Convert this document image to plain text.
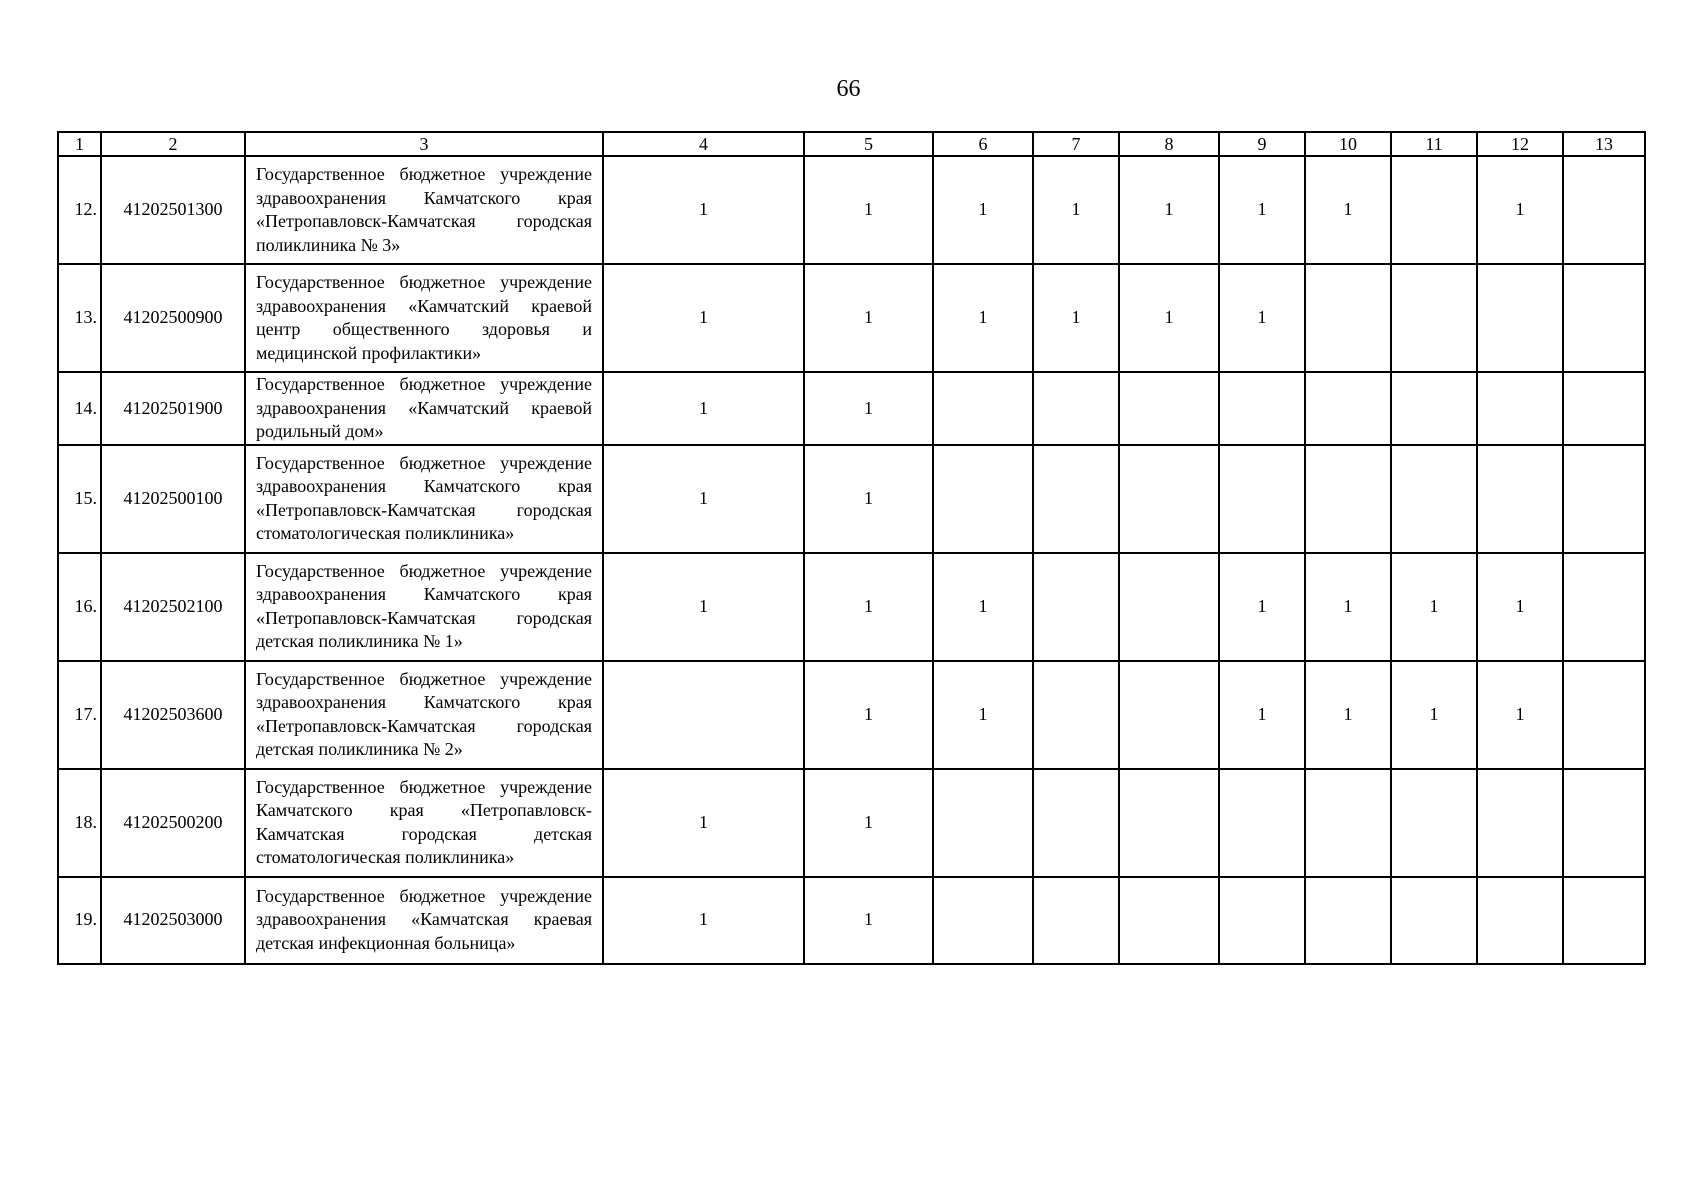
66
1	2	3	4	5	6	7	8	9	10	11	12	13
12.	41202501300	Государственное бюджетное учреждение здравоохранения Камчатского края «Петропавловск-Камчатская городская поликлиника № 3»	1	1	1	1	1	1	1		1	
13.	41202500900	Государственное бюджетное учреждение здравоохранения «Камчатский краевой центр общественного здоровья и медицинской профилактики»	1	1	1	1	1	1				
14.	41202501900	Государственное бюджетное учреждение здравоохранения «Камчатский краевой родильный дом»	1	1								
15.	41202500100	Государственное бюджетное учреждение здравоохранения Камчатского края «Петропавловск-Камчатская городская стоматологическая поликлиника»	1	1								
16.	41202502100	Государственное бюджетное учреждение здравоохранения Камчатского края «Петропавловск-Камчатская городская детская поликлиника № 1»	1	1	1			1	1	1	1	
17.	41202503600	Государственное бюджетное учреждение здравоохранения Камчатского края «Петропавловск-Камчатская городская детская поликлиника № 2»		1	1			1	1	1	1	
18.	41202500200	Государственное бюджетное учреждение Камчатского края «Петропавловск-Камчатская городская детская стоматологическая поликлиника»	1	1								
19.	41202503000	Государственное бюджетное учреждение здравоохранения «Камчатская краевая детская инфекционная больница»	1	1								
